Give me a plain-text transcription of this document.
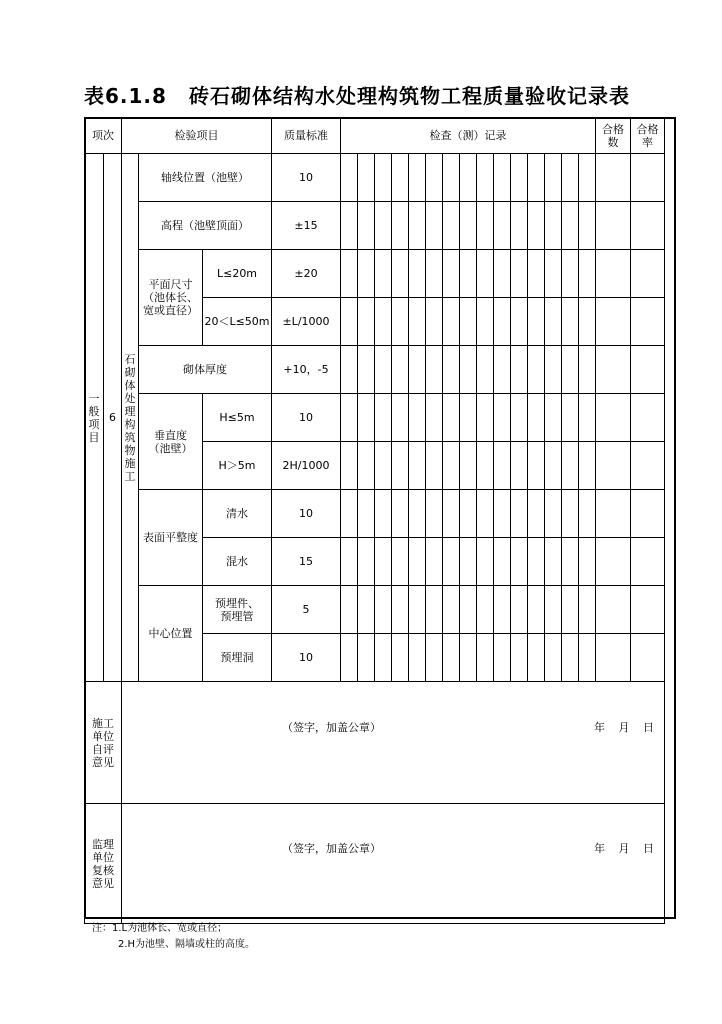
表6.1.8 砖石砌体结构水处理构筑物工程质量验收记录表
项次		检验项目			质量标准	检查（测）记录															合格数	合格率

一般项目	6	石砌体处理构筑物施工	轴线位置（池壁）		10																	
			高程（池壁顶面）		±15																	

			平面尺寸（池体长、宽或直径）	L≤20m	±20																	
				20＜L≤50m	±L/1000																	
			砌体厚度		+10，-5																	

			垂直度（池壁）	H≤5m	10																	
				H＞5m	2H/1000																	
			表面平整度	清水	10																	
				混水	15																	
			中心位置	预埋件、预埋管	5																	
				预埋洞	10																	

施工单位自评意见		（签字，加盖公章） 年 月 日																				

监理单位复核意见		（签字，加盖公章） 年 月 日																				
注：1.L为池体长、宽或直径；
2.H为池壁、隔墙或柱的高度。
